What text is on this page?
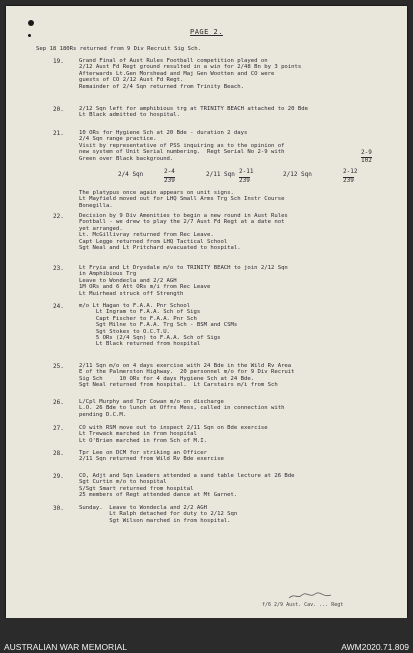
PAGE 2.
Sep 18 180Rs returned from 9 Div Recruit Sig Sch.
19.	Grand Final of Aust Rules Football competition played on
2/12 Aust Fd Regt ground resulted in a win for 2/48 Bn by 3 points
Afterwards Lt.Gen Morshead and Maj Gen Wootten and CO were
guests of CO 2/12 Aust Fd Regt.
Remainder of 2/4 Sqn returned from Trinity Beach.
20.	2/12 Sqn left for amphibious trg at TRINITY BEACH attached to 20 Bde
Lt Black admitted to hospital.
21.	10 ORs for Hygiene Sch at 20 Bde - duration 2 days
2/4 Sqn range practice.
Visit by representative of PSS inquiring as to the opinion of
new system of Unit Serial numbering.  Regt Serial No 2-9 with
Green over Black background.
The platypus once again appears on unit signs.
Lt Mayfield moved out for LHQ Small Arms Trg Sch Instr Course
Bonegilla.
22.	Decision by 9 Div Amenities to begin a new round in Aust Rules
Football - we drew to play the 2/7 Aust Fd Regt at a date not
yet arranged.
Lt. McGillivray returned from Rec Leave.
Capt Legge returned from LHQ Tactical School
Sgt Neal and Lt Pritchard evacuated to hospital.
23.	Lt Fryia and Lt Drysdale m/o to TRINITY BEACH to join 2/12 Sqn
in Amphibious Trg
Leave to Wondecla and 2/2 AGH
1M ORs and 6 Att ORs m/i from Rec Leave
Lt Muirhead struck off Strength
24.	m/o Lt Hagan to F.A.A. Pnr School
Lt Ingram to F.A.A. Sch of Sigs
Capt Fischer to F.A.A. Pnr Sch
Sgt Milne to F.A.A. Trg Sch - BSM and CSMs
Sgt Stokes to O.C.T.U.
5 ORs (2/4 Sqn) to F.A.A. Sch of Sigs
Lt Black returned from hospital
25.	2/11 Sqn m/o on 4 days exercise with 24 Bde in the Wild Rv Area
E of the Palmerston Highway.  20 personnel m/o for 9 Div Recruit
Sig Sch     10 ORs for 4 days Hygiene Sch at 24 Bde.
Sgt Neal returned from hospital.  Lt Carstairs m/i from Sch
26.	L/Cpl Murphy and Tpr Cowan m/o on discharge
L.O. 26 Bde to lunch at Offrs Mess, called in connection with
pending D.C.M.
27.	CO with RSM move out to inspect 2/11 Sqn on Bde exercise
Lt Trewack marched in from hospital
Lt O'Brien marched in from Sch of M.I.
28.	Tpr Lee on DCM for striking an Officer
2/11 Sqn returned from Wild Rv Bde exercise
29.	CO, Adjt and Sqn Leaders attended a sand table lecture at 26 Bde
Sgt Curtin m/o to hospital
S/Sgt Smart returned from hospital
25 members of Regt attended dance at Mt Garnet.
30.	Sunday.  Leave to Wondecla and 2/2 AGH
Lt Ralph detached for duty to 2/12 Sqn
Sgt Wilson marched in from hospital.
2/4 Sqn	2-4
239
2/11 Sqn 2-11
239
2/12 Sqn	2-12
239
2-9
102
f/6 2/9 Aust. Cav. ... Regt
AUSTRALIAN WAR MEMORIAL	AWM2020.71.809
